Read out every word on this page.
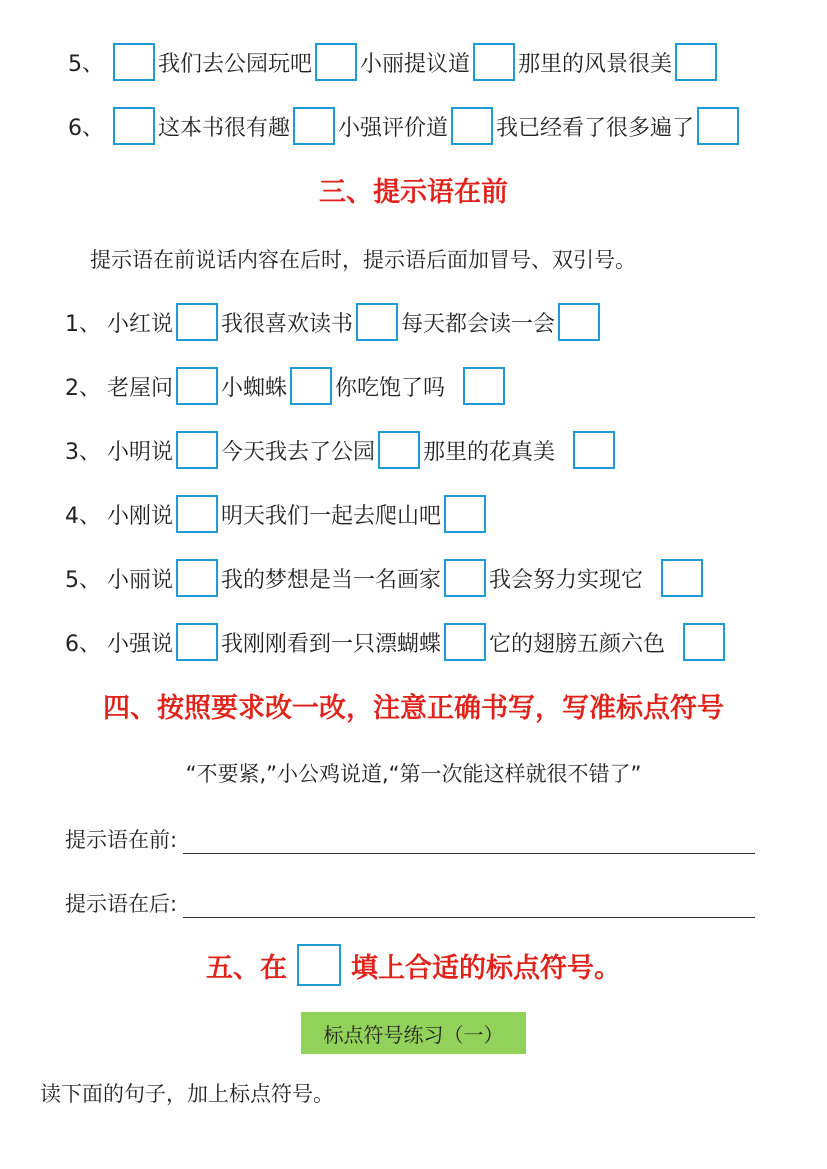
5、 我们去公园玩吧 小丽提议道 那里的风景很美
6、 这本书很有趣 小强评价道 我已经看了很多遍了
三、提示语在前
提示语在前说话内容在后时，提示语后面加冒号、双引号。
1、 小红说 我很喜欢读书 每天都会读一会
2、 老屋问 小蜘蛛 你吃饱了吗
3、 小明说 今天我去了公园 那里的花真美
4、 小刚说 明天我们一起去爬山吧
5、 小丽说 我的梦想是当一名画家 我会努力实现它
6、 小强说 我刚刚看到一只漂蝴蝶 它的翅膀五颜六色
四、按照要求改一改，注意正确书写，写准标点符号
“不要紧,”小公鸡说道,“第一次能这样就很不错了”
提示语在前:
提示语在后:
五、在 填上合适的标点符号。
标点符号练习（一）
读下面的句子，加上标点符号。
